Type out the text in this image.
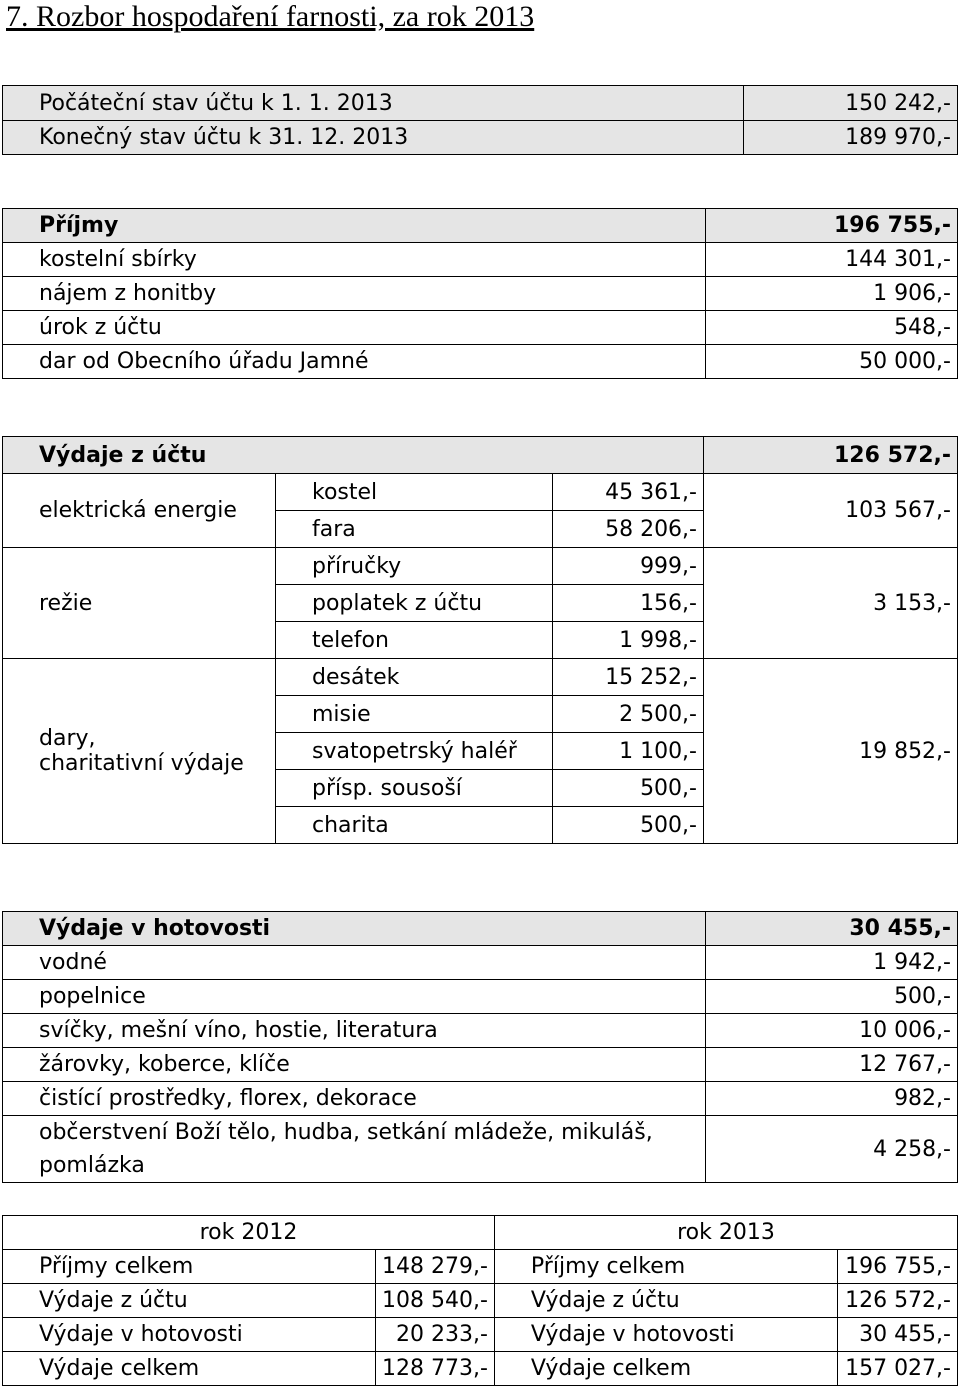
7. Rozbor hospodaření farnosti, za rok 2013
Počáteční stav účtu k 1. 1. 2013	150 242,-
Konečný stav účtu k 31. 12. 2013	189 970,-
Příjmy	196 755,-
kostelní sbírky	144 301,-
nájem z honitby	1 906,-
úrok z účtu	548,-
dar od Obecního úřadu Jamné	50 000,-
Výdaje z účtu			126 572,-
elektrická energie	kostel	45 361,-	103 567,-
	fara	58 206,-	
režie	příručky	999,-	3 153,-
	poplatek z účtu	156,-	
	telefon	1 998,-	

dary,
charitativní výdaje	desátek	15 252,-	19 852,-
	misie	2 500,-	
	svatopetrský haléř	1 100,-	
	přísp. sousoší	500,-	
	charita	500,-	
Výdaje v hotovosti	30 455,-
vodné	1 942,-
popelnice	500,-
svíčky, mešní víno, hostie, literatura	10 006,-
žárovky, koberce, klíče	12 767,-
čistící prostředky, florex, dekorace	982,-

občerstvení Boží tělo, hudba, setkání mládeže, mikuláš,
pomlázka	4 258,-
rok 2012		rok 2013	
Příjmy celkem	148 279,-	Příjmy celkem	196 755,-
Výdaje z účtu	108 540,-	Výdaje z účtu	126 572,-
Výdaje v hotovosti	20 233,-	Výdaje v hotovosti	30 455,-
Výdaje celkem	128 773,-	Výdaje celkem	157 027,-
